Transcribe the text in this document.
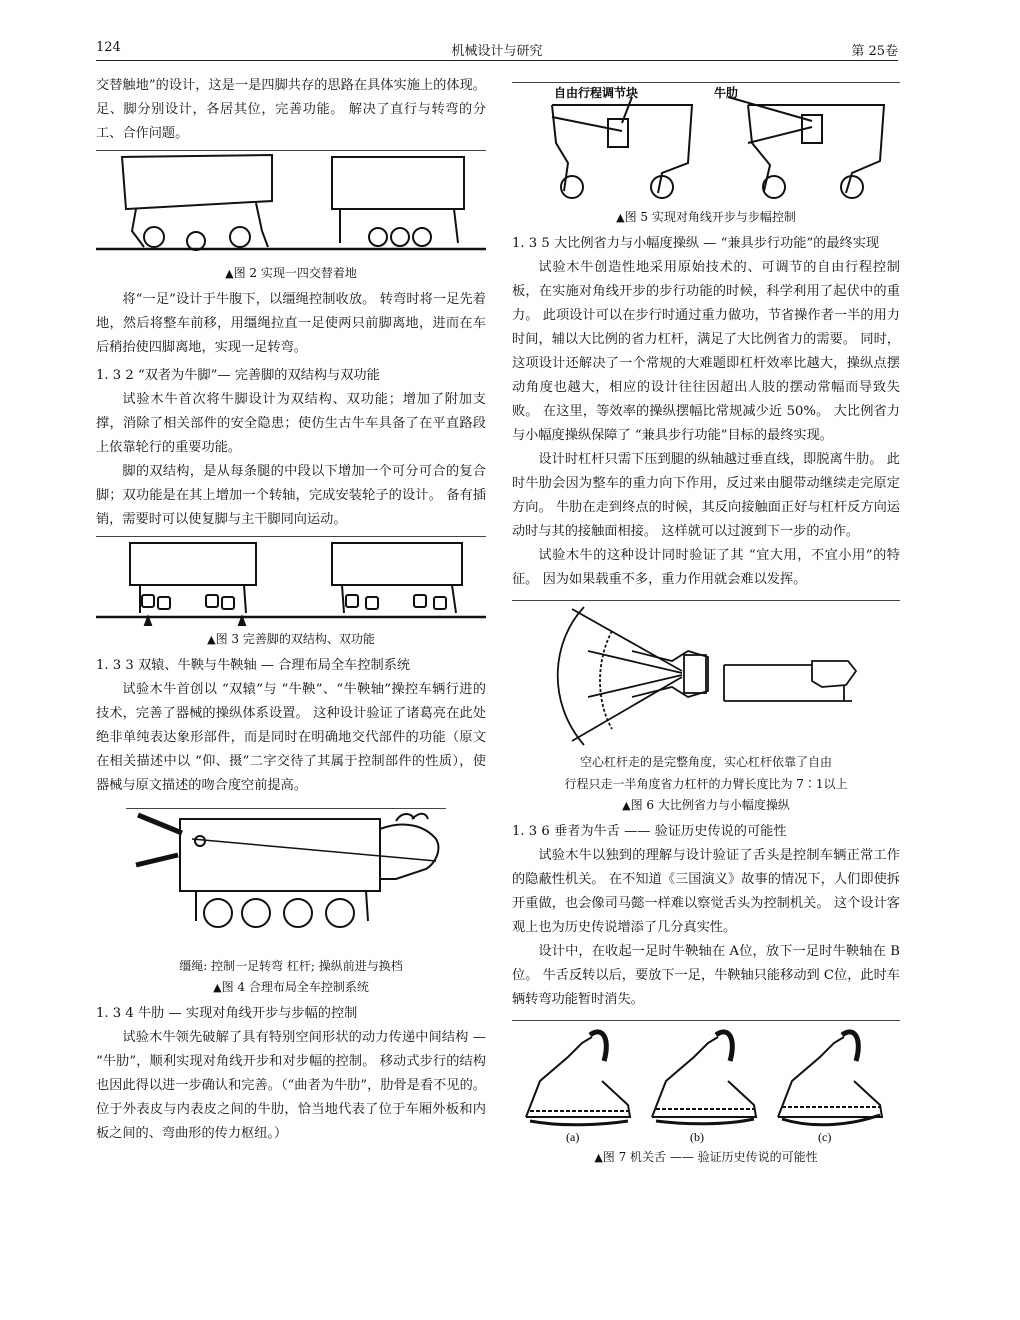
124	机械设计与研究	第 25卷

交替触地”的设计，这是一是四脚共存的思路在具体实施上的体现。 足、脚分别设计，各居其位，完善功能。 解决了直行与转弯的分工、合作问题。

▲图 2 实现一四交替着地

将“一足”设计于牛腹下，以缰绳控制收放。 转弯时将一足先着地，然后将整车前移，用缰绳拉直一足使两只前脚离地，进而在车后稍抬使四脚离地，实现一足转弯。

1. 3 2 “双者为牛脚”— 完善脚的双结构与双功能

试验木牛首次将牛脚设计为双结构、双功能；增加了附加支撑，消除了相关部件的安全隐患；使仿生古牛车具备了在平直路段上依靠轮行的重要功能。

脚的双结构，是从每条腿的中段以下增加一个可分可合的复合脚；双功能是在其上增加一个转轴，完成安装轮子的设计。 备有插销，需要时可以使复脚与主干脚同向运动。

▲图 3 完善脚的双结构、双功能

1. 3 3 双辕、牛鞅与牛鞅轴 — 合理布局全车控制系统

试验木牛首创以 “双辕”与 “牛鞅”、“牛鞅轴”操控车辆行进的技术，完善了器械的操纵体系设置。 这种设计验证了诸葛亮在此处绝非单纯表达象形部件，而是同时在明确地交代部件的功能（原文在相关描述中以 “仰、摄”二字交待了其属于控制部件的性质），使器械与原文描述的吻合度空前提高。

缰绳: 控制一足转弯 杠杆; 操纵前进与换档
▲图 4 合理布局全车控制系统

1. 3 4 牛肋 — 实现对角线开步与步幅的控制

试验木牛领先破解了具有特别空间形状的动力传递中间结构 — “牛肋”，顺利实现对角线开步和对步幅的控制。 移动式步行的结构也因此得以进一步确认和完善。（“曲者为牛肋”，肋骨是看不见的。 位于外表皮与内表皮之间的牛肋，恰当地代表了位于车厢外板和内板之间的、弯曲形的传力枢纽。）

自由行程调节块	牛肋
▲图 5 实现对角线开步与步幅控制

1. 3 5 大比例省力与小幅度操纵 — “兼具步行功能”的最终实现

试验木牛创造性地采用原始技术的、可调节的自由行程控制板，在实施对角线开步的步行功能的时候，科学利用了起伏中的重力。 此项设计可以在步行时通过重力做功，节省操作者一半的用力时间，辅以大比例的省力杠杆，满足了大比例省力的需要。 同时，这项设计还解决了一个常规的大难题即杠杆效率比越大，操纵点摆动角度也越大，相应的设计往往因超出人肢的摆动常幅而导致失败。 在这里，等效率的操纵摆幅比常规减少近 50%。 大比例省力与小幅度操纵保障了 “兼具步行功能”目标的最终实现。

设计时杠杆只需下压到腿的纵轴越过垂直线，即脱离牛肋。 此时牛肋会因为整车的重力向下作用，反过来由腿带动继续走完原定方向。 牛肋在走到终点的时候，其反向接触面正好与杠杆反方向运动时与其的接触面相接。 这样就可以过渡到下一步的动作。

试验木牛的这种设计同时验证了其 “宜大用，不宜小用”的特征。 因为如果载重不多，重力作用就会难以发挥。

空心杠杆走的是完整角度，实心杠杆依靠了自由
行程只走一半角度省力杠杆的力臂长度比为 7∶1以上
▲图 6 大比例省力与小幅度操纵

1. 3 6 垂者为牛舌 —— 验证历史传说的可能性

试验木牛以独到的理解与设计验证了舌头是控制车辆正常工作的隐蔽性机关。 在不知道《三国演义》故事的情况下，人们即使拆开重做，也会像司马懿一样难以察觉舌头为控制机关。 这个设计客观上也为历史传说增添了几分真实性。

设计中，在收起一足时牛鞅轴在 A位，放下一足时牛鞅轴在 B位。 牛舌反转以后，要放下一足，牛鞅轴只能移动到 C位，此时车辆转弯功能暂时消失。

(a)	(b)	(c)
▲图 7 机关舌 —— 验证历史传说的可能性
